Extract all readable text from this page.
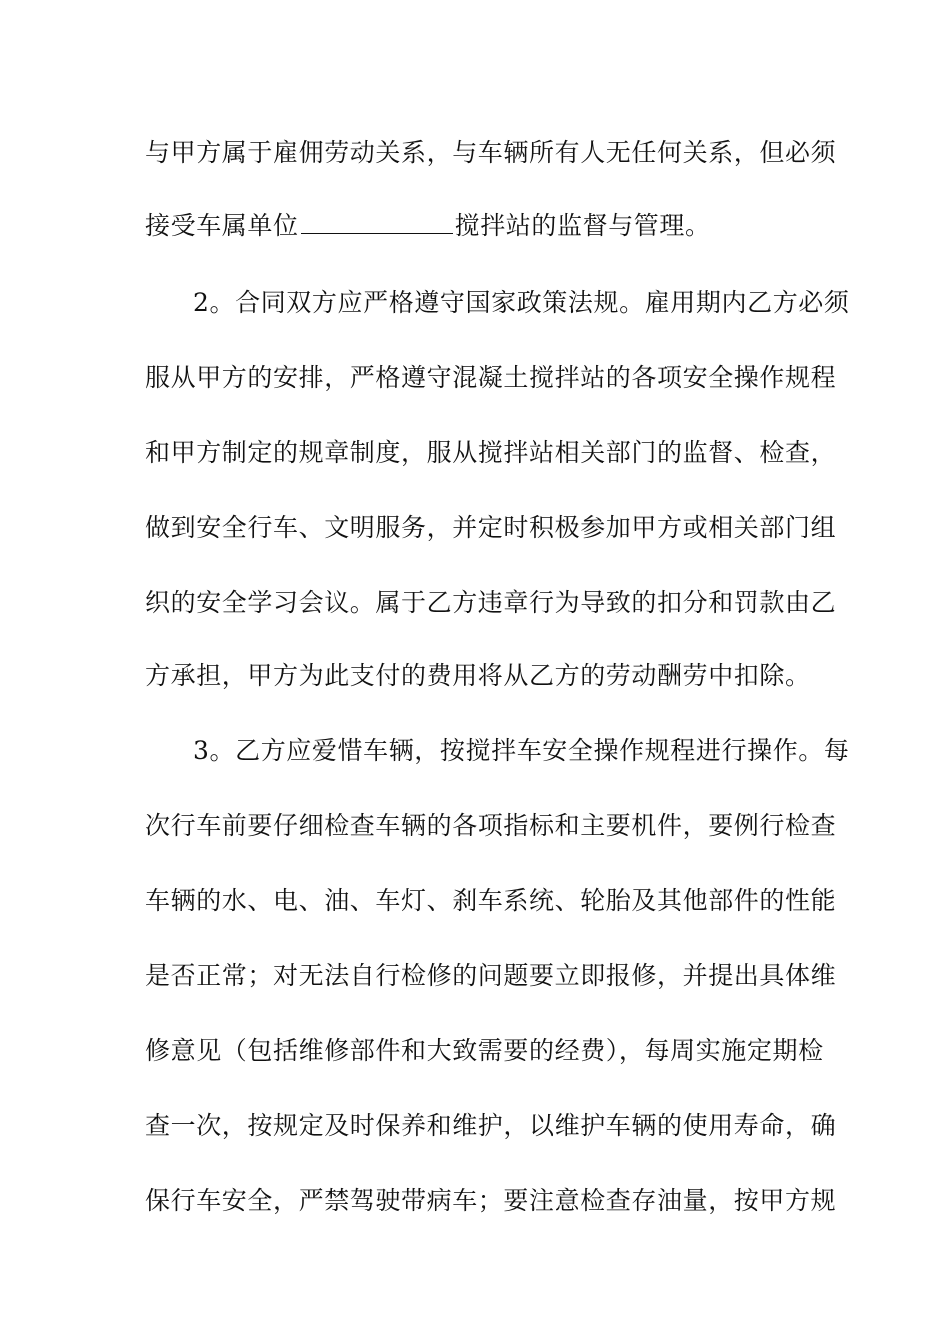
与甲方属于雇佣劳动关系，与车辆所有人无任何关系，但必须
接受车属单位	搅拌站的监督与管理。
2。合同双方应严格遵守国家政策法规。雇用期内乙方必须
服从甲方的安排，严格遵守混凝土搅拌站的各项安全操作规程
和甲方制定的规章制度，服从搅拌站相关部门的监督、检查，
做到安全行车、文明服务，并定时积极参加甲方或相关部门组
织的安全学习会议。属于乙方违章行为导致的扣分和罚款由乙
方承担，甲方为此支付的费用将从乙方的劳动酬劳中扣除。
3。乙方应爱惜车辆，按搅拌车安全操作规程进行操作。每
次行车前要仔细检查车辆的各项指标和主要机件，要例行检查
车辆的水、电、油、车灯、刹车系统、轮胎及其他部件的性能
是否正常；对无法自行检修的问题要立即报修，并提出具体维
修意见（包括维修部件和大致需要的经费），每周实施定期检
查一次，按规定及时保养和维护，以维护车辆的使用寿命，确
保行车安全，严禁驾驶带病车；要注意检查存油量，按甲方规
